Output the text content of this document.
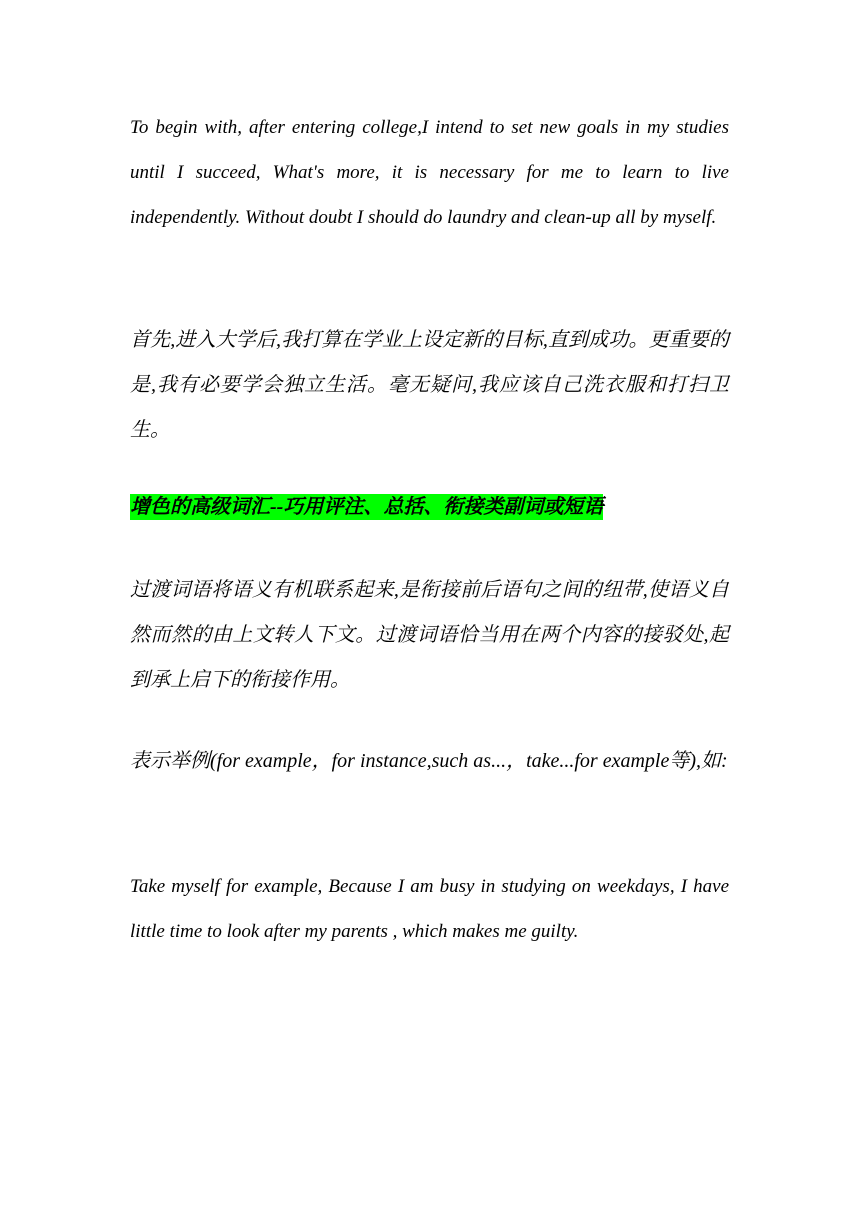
To begin with, after entering college,I intend to set new goals in my studies until I succeed, What's more, it is necessary for me to learn to live independently. Without doubt I should do laundry and clean-up all by myself.

首先,进入大学后,我打算在学业上设定新的目标,直到成功。更重要的是,我有必要学会独立生活。毫无疑问,我应该自己洗衣服和打扫卫生。

增色的高级词汇--巧用评注、总括、衔接类副词或短语

过渡词语将语义有机联系起来,是衔接前后语句之间的纽带,使语义自然而然的由上文转人下文。过渡词语恰当用在两个内容的接驳处,起到承上启下的衔接作用。

表示举例(for example，for instance,such as...，take...for example等),如:

Take myself for example, Because I am busy in studying on weekdays, I have little time to look after my parents , which makes me guilty.
